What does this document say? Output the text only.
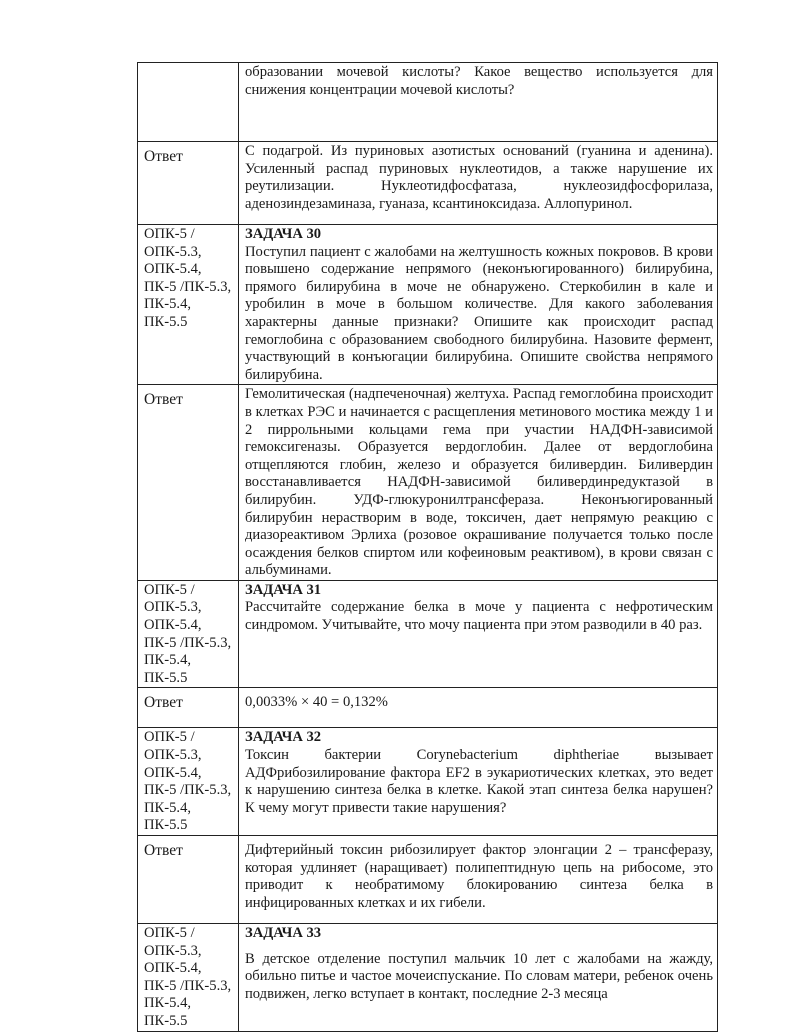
	образовании мочевой кислоты? Какое вещество используется для снижения концентрации мочевой кислоты?
Ответ	С подагрой. Из пуриновых азотистых оснований (гуанина и аденина). Усиленный распад пуриновых нуклеотидов, а также нарушение их реутилизации. Нуклеотидфосфатаза, нуклеозидфосфорилаза, аденозиндезаминаза, гуаназа, ксантиноксидаза. Аллопуринол.
ОПК-5 /ОПК-5.3, ОПК-5.4, ПК-5 /ПК-5.3, ПК-5.4, ПК-5.5	ЗАДАЧА 30
Поступил пациент с жалобами на желтушность кожных покровов. В крови повышено содержание непрямого (неконъюгированного) билирубина, прямого билирубина в моче не обнаружено. Стеркобилин в кале и уробилин в моче в большом количестве. Для какого заболевания характерны данные признаки? Опишите как происходит распад гемоглобина с образованием свободного билирубина. Назовите фермент, участвующий в конъюгации билирубина. Опишите свойства непрямого билирубина.
Ответ	Гемолитическая (надпеченочная) желтуха. Распад гемоглобина происходит в клетках РЭС и начинается с расщепления метинового мостика между 1 и 2 пиррольными кольцами гема при участии НАДФН-зависимой гемоксигеназы. Образуется вердоглобин. Далее от вердоглобина отщепляются глобин, железо и образуется биливердин. Биливердин восстанавливается НАДФН-зависимой биливердинредуктазой в билирубин. УДФ-глюкуронилтрансфераза. Неконъюгированный билирубин нерастворим в воде, токсичен, дает непрямую реакцию с диазореактивом Эрлиха (розовое окрашивание получается только после осаждения белков спиртом или кофеиновым реактивом), в крови связан с альбуминами.
ОПК-5 /ОПК-5.3, ОПК-5.4, ПК-5 /ПК-5.3, ПК-5.4, ПК-5.5	ЗАДАЧА 31
Рассчитайте содержание белка в моче у пациента с нефротическим синдромом. Учитывайте, что мочу пациента при этом разводили в 40 раз.
Ответ	0,0033% × 40 = 0,132%
ОПК-5 /ОПК-5.3, ОПК-5.4, ПК-5 /ПК-5.3, ПК-5.4, ПК-5.5	ЗАДАЧА 32
Токсин бактерии Corynebacterium diphtheriae вызывает АДФрибозилирование фактора EF2 в эукариотических клетках, это ведет к нарушению синтеза белка в клетке. Какой этап синтеза белка нарушен? К чему могут привести такие нарушения?
Ответ	Дифтерийный токсин рибозилирует фактор элонгации 2 – трансферазу, которая удлиняет (наращивает) полипептидную цепь на рибосоме, это приводит к необратимому блокированию синтеза белка в инфицированных клетках и их гибели.
ОПК-5 /ОПК-5.3, ОПК-5.4, ПК-5 /ПК-5.3, ПК-5.4, ПК-5.5	ЗАДАЧА 33
В детское отделение поступил мальчик 10 лет с жалобами на жажду, обильно питье и частое мочеиспускание. По словам матери, ребенок очень подвижен, легко вступает в контакт, последние 2-3 месяца
